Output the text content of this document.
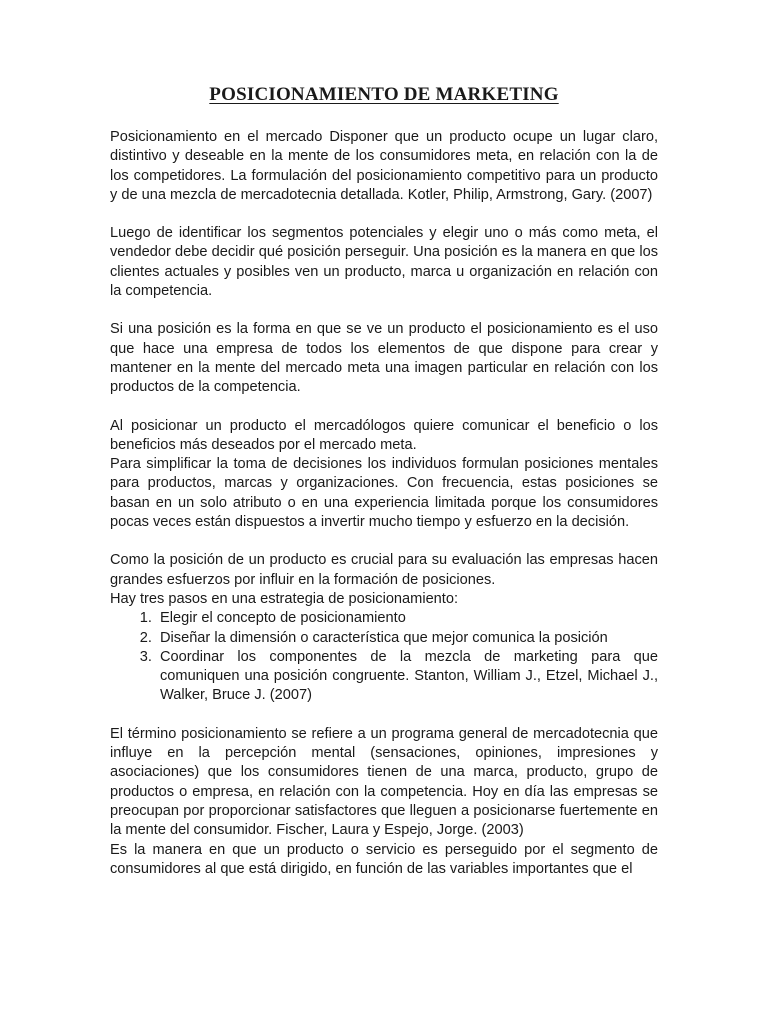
POSICIONAMIENTO DE MARKETING

Posicionamiento en el mercado Disponer que un producto ocupe un lugar claro, distintivo y deseable en la mente de los consumidores meta, en relación con la de los competidores. La formulación del posicionamiento competitivo para un producto y de una mezcla de mercadotecnia detallada. Kotler, Philip, Armstrong, Gary. (2007)

Luego de identificar los segmentos potenciales y elegir uno o más como meta, el vendedor debe decidir qué posición perseguir. Una posición es la manera en que los clientes actuales y posibles ven un producto, marca u organización en relación con la competencia.

Si una posición es la forma en que se ve un producto el posicionamiento es el uso que hace una empresa de todos los elementos de que dispone para crear y mantener en la mente del mercado meta una imagen particular en relación con los productos de la competencia.

Al posicionar un producto el mercadólogos quiere comunicar el beneficio o los beneficios más deseados por el mercado meta.

Para simplificar la toma de decisiones los individuos formulan posiciones mentales para productos, marcas y organizaciones. Con frecuencia, estas posiciones se basan en un solo atributo o en una experiencia limitada porque los consumidores pocas veces están dispuestos a invertir mucho tiempo y esfuerzo en la decisión.

Como la posición de un producto es crucial para su evaluación las empresas hacen grandes esfuerzos por influir en la formación de posiciones.

Hay tres pasos en una estrategia de posicionamiento:

1. Elegir el concepto de posicionamiento
2. Diseñar la dimensión o característica que mejor comunica la posición
3. Coordinar los componentes de la mezcla de marketing para que comuniquen una posición congruente. Stanton, William J., Etzel, Michael J., Walker, Bruce J. (2007)

El término posicionamiento se refiere a un programa general de mercadotecnia que influye en la percepción mental (sensaciones, opiniones, impresiones y asociaciones) que los consumidores tienen de una marca, producto, grupo de productos o empresa, en relación con la competencia. Hoy en día las empresas se preocupan por proporcionar satisfactores que lleguen a posicionarse fuertemente en la mente del consumidor. Fischer, Laura y Espejo, Jorge. (2003)

Es la manera en que un producto o servicio es perseguido por el segmento de consumidores al que está dirigido, en función de las variables importantes que el
